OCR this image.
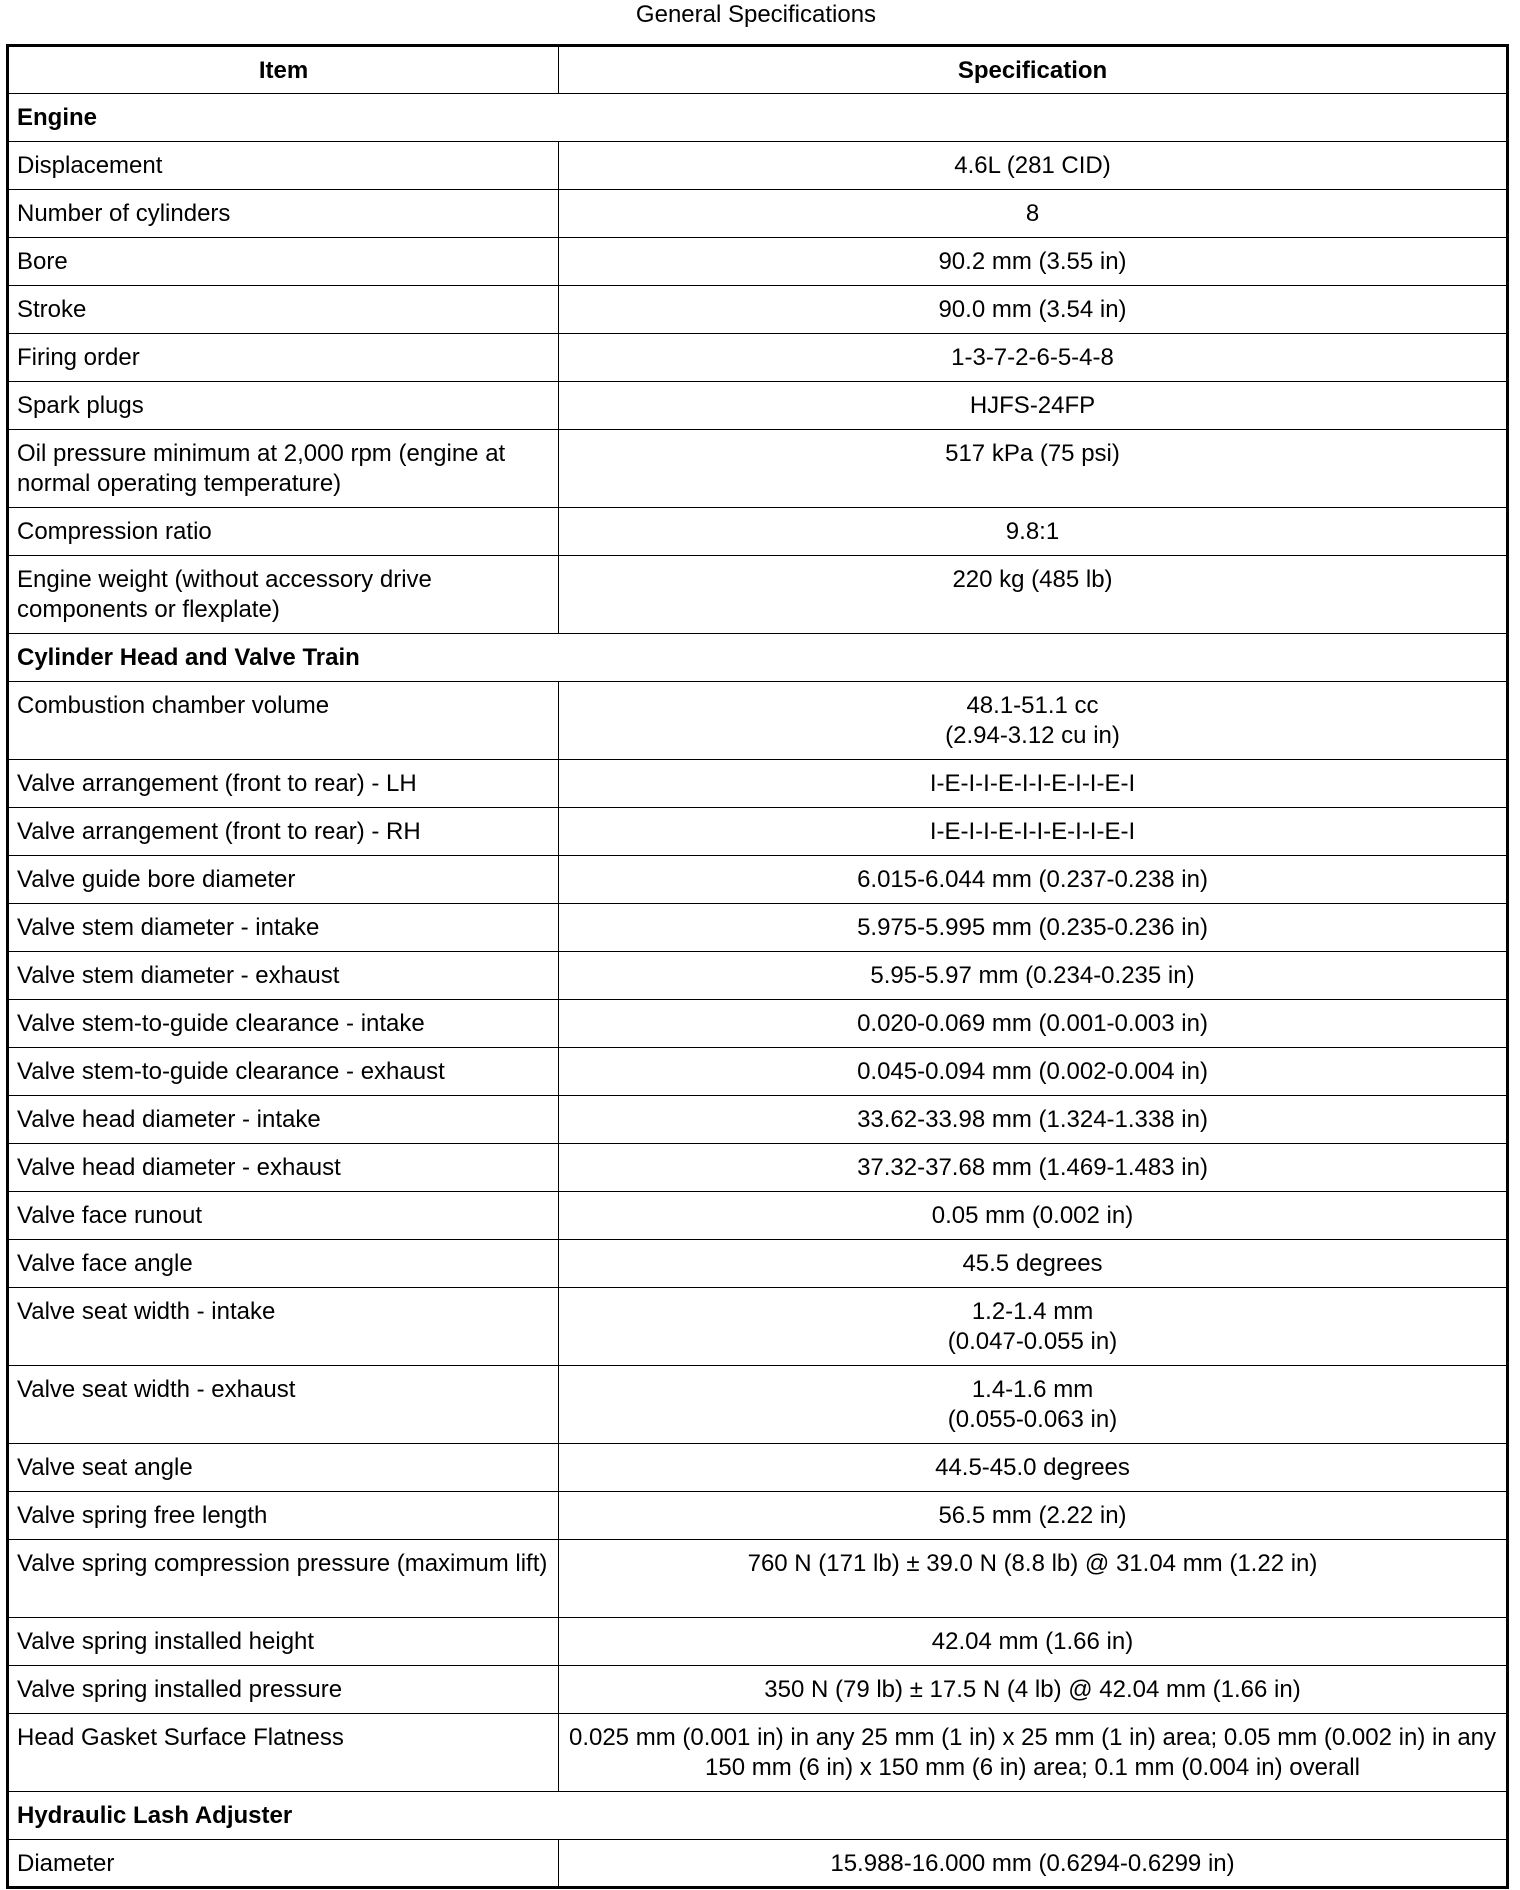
General Specifications
Item	Specification
Engine	
Displacement	4.6L (281 CID)
Number of cylinders	8
Bore	90.2 mm (3.55 in)
Stroke	90.0 mm (3.54 in)
Firing order	1-3-7-2-6-5-4-8
Spark plugs	HJFS-24FP
Oil pressure minimum at 2,000 rpm (engine at normal operating temperature)	517 kPa (75 psi)
Compression ratio	9.8:1
Engine weight (without accessory drive components or flexplate)	220 kg (485 lb)
Cylinder Head and Valve Train	
Combustion chamber volume	48.1-51.1 cc
(2.94-3.12 cu in)

Valve arrangement (front to rear) - LH	I-E-I-I-E-I-I-E-I-I-E-I
Valve arrangement (front to rear) - RH	I-E-I-I-E-I-I-E-I-I-E-I
Valve guide bore diameter	6.015-6.044 mm (0.237-0.238 in)
Valve stem diameter - intake	5.975-5.995 mm (0.235-0.236 in)
Valve stem diameter - exhaust	5.95-5.97 mm (0.234-0.235 in)
Valve stem-to-guide clearance - intake	0.020-0.069 mm (0.001-0.003 in)
Valve stem-to-guide clearance - exhaust	0.045-0.094 mm (0.002-0.004 in)
Valve head diameter - intake	33.62-33.98 mm (1.324-1.338 in)
Valve head diameter - exhaust	37.32-37.68 mm (1.469-1.483 in)
Valve face runout	0.05 mm (0.002 in)
Valve face angle	45.5 degrees
Valve seat width - intake	1.2-1.4 mm
(0.047-0.055 in)

Valve seat width - exhaust	1.4-1.6 mm
(0.055-0.063 in)

Valve seat angle	44.5-45.0 degrees
Valve spring free length	56.5 mm (2.22 in)
Valve spring compression pressure (maximum lift)	760 N (171 lb) ± 39.0 N (8.8 lb) @ 31.04 mm (1.22 in)
Valve spring installed height	42.04 mm (1.66 in)
Valve spring installed pressure	350 N (79 lb) ± 17.5 N (4 lb) @ 42.04 mm (1.66 in)
Head Gasket Surface Flatness	0.025 mm (0.001 in) in any 25 mm (1 in) x 25 mm (1 in) area; 0.05 mm (0.002 in) in any 150 mm (6 in) x 150 mm (6 in) area; 0.1 mm (0.004 in) overall
Hydraulic Lash Adjuster	
Diameter	15.988-16.000 mm (0.6294-0.6299 in)
